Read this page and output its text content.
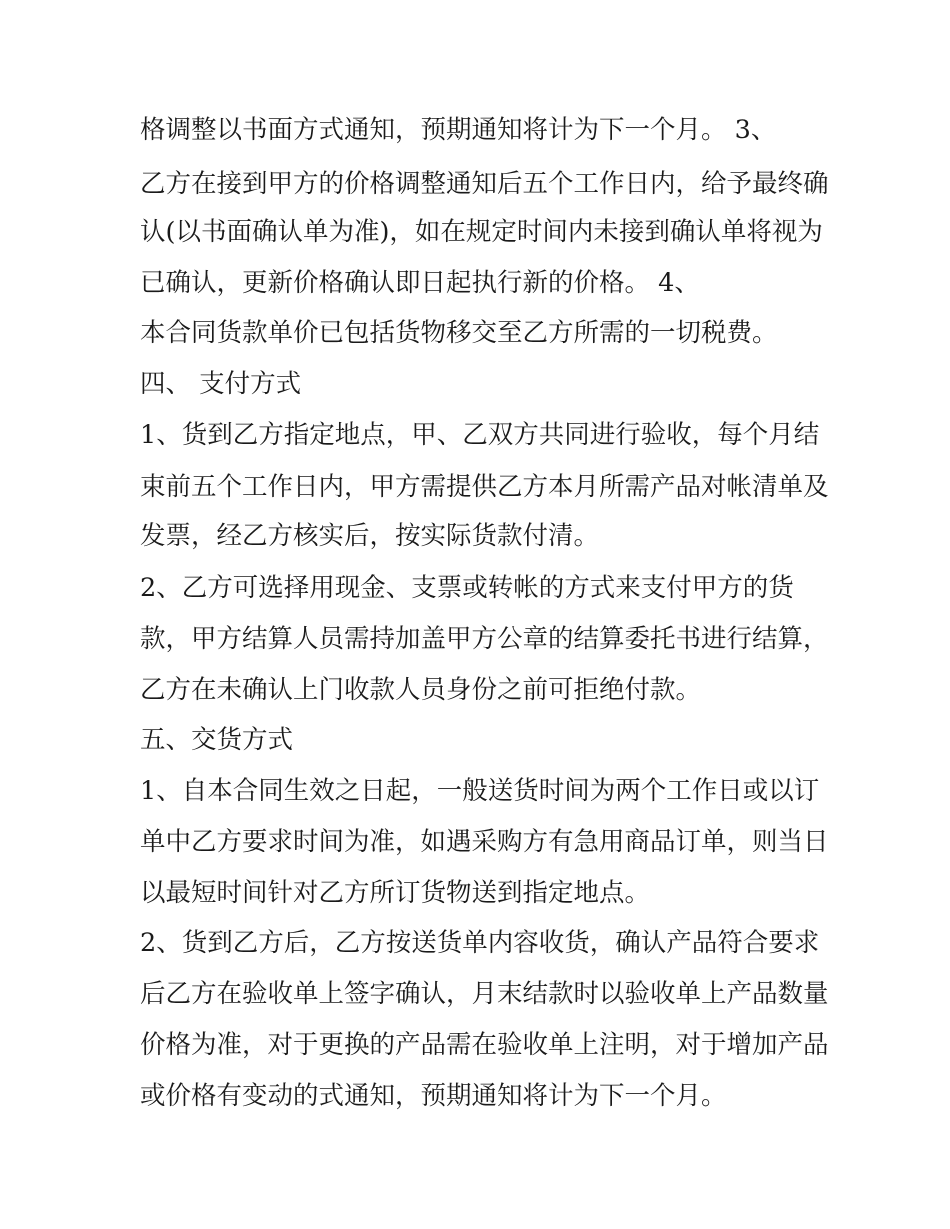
格调整以书面方式通知，预期通知将计为下一个月。 3、

乙方在接到甲方的价格调整通知后五个工作日内，给予最终确

认(以书面确认单为准)，如在规定时间内未接到确认单将视为

已确认，更新价格确认即日起执行新的价格。 4、

本合同货款单价已包括货物移交至乙方所需的一切税费。

四、 支付方式

1、货到乙方指定地点，甲、乙双方共同进行验收，每个月结

束前五个工作日内，甲方需提供乙方本月所需产品对帐清单及

发票，经乙方核实后，按实际货款付清。

2、乙方可选择用现金、支票或转帐的方式来支付甲方的货

款，甲方结算人员需持加盖甲方公章的结算委托书进行结算，

乙方在未确认上门收款人员身份之前可拒绝付款。

五、交货方式

1、自本合同生效之日起，一般送货时间为两个工作日或以订

单中乙方要求时间为准，如遇采购方有急用商品订单，则当日

以最短时间针对乙方所订货物送到指定地点。

2、货到乙方后，乙方按送货单内容收货，确认产品符合要求

后乙方在验收单上签字确认，月末结款时以验收单上产品数量

价格为准，对于更换的产品需在验收单上注明，对于增加产品

或价格有变动的式通知，预期通知将计为下一个月。
